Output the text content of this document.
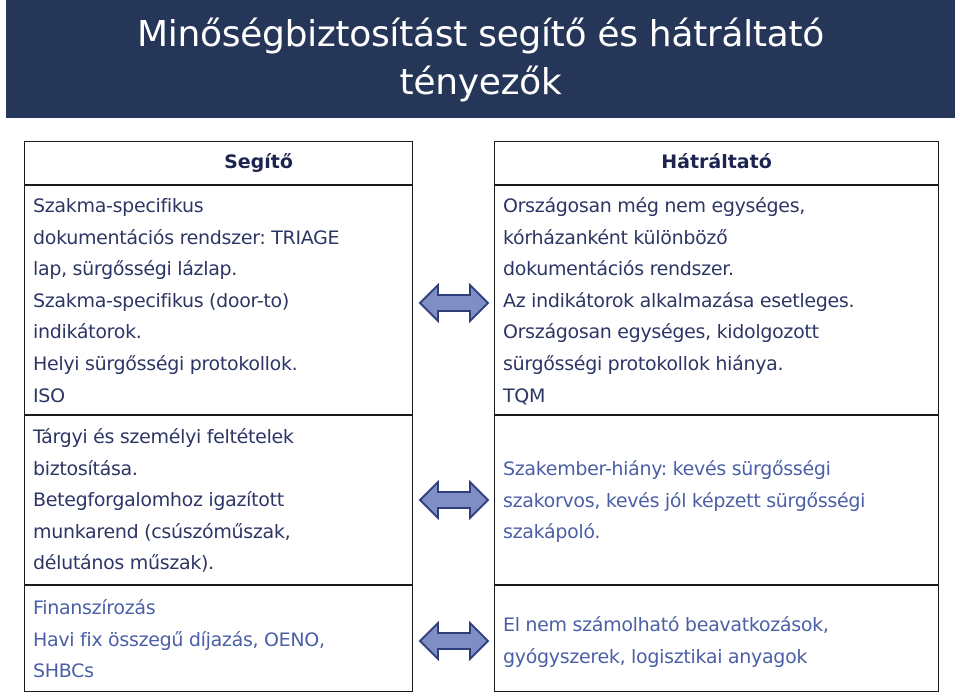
Minőségbiztosítást segítő és hátráltató
tényezők
Segítő
Szakma-specifikus
dokumentációs rendszer: TRIAGE
lap, sürgősségi lázlap.
Szakma-specifikus (door-to)
indikátorok.
Helyi sürgősségi protokollok.
ISO
Tárgyi és személyi feltételek
biztosítása.
Betegforgalomhoz igazított
munkarend (csúszóműszak,
délutános műszak).
Finanszírozás
Havi fix összegű díjazás, OENO,
SHBCs
Hátráltató
Országosan még nem egységes,
kórházanként különböző
dokumentációs rendszer.
Az indikátorok alkalmazása esetleges.
Országosan egységes, kidolgozott
sürgősségi protokollok hiánya.
TQM
Szakember-hiány: kevés sürgősségi
szakorvos, kevés jól képzett sürgősségi
szakápoló.
El nem számolható beavatkozások,
gyógyszerek, logisztikai anyagok
